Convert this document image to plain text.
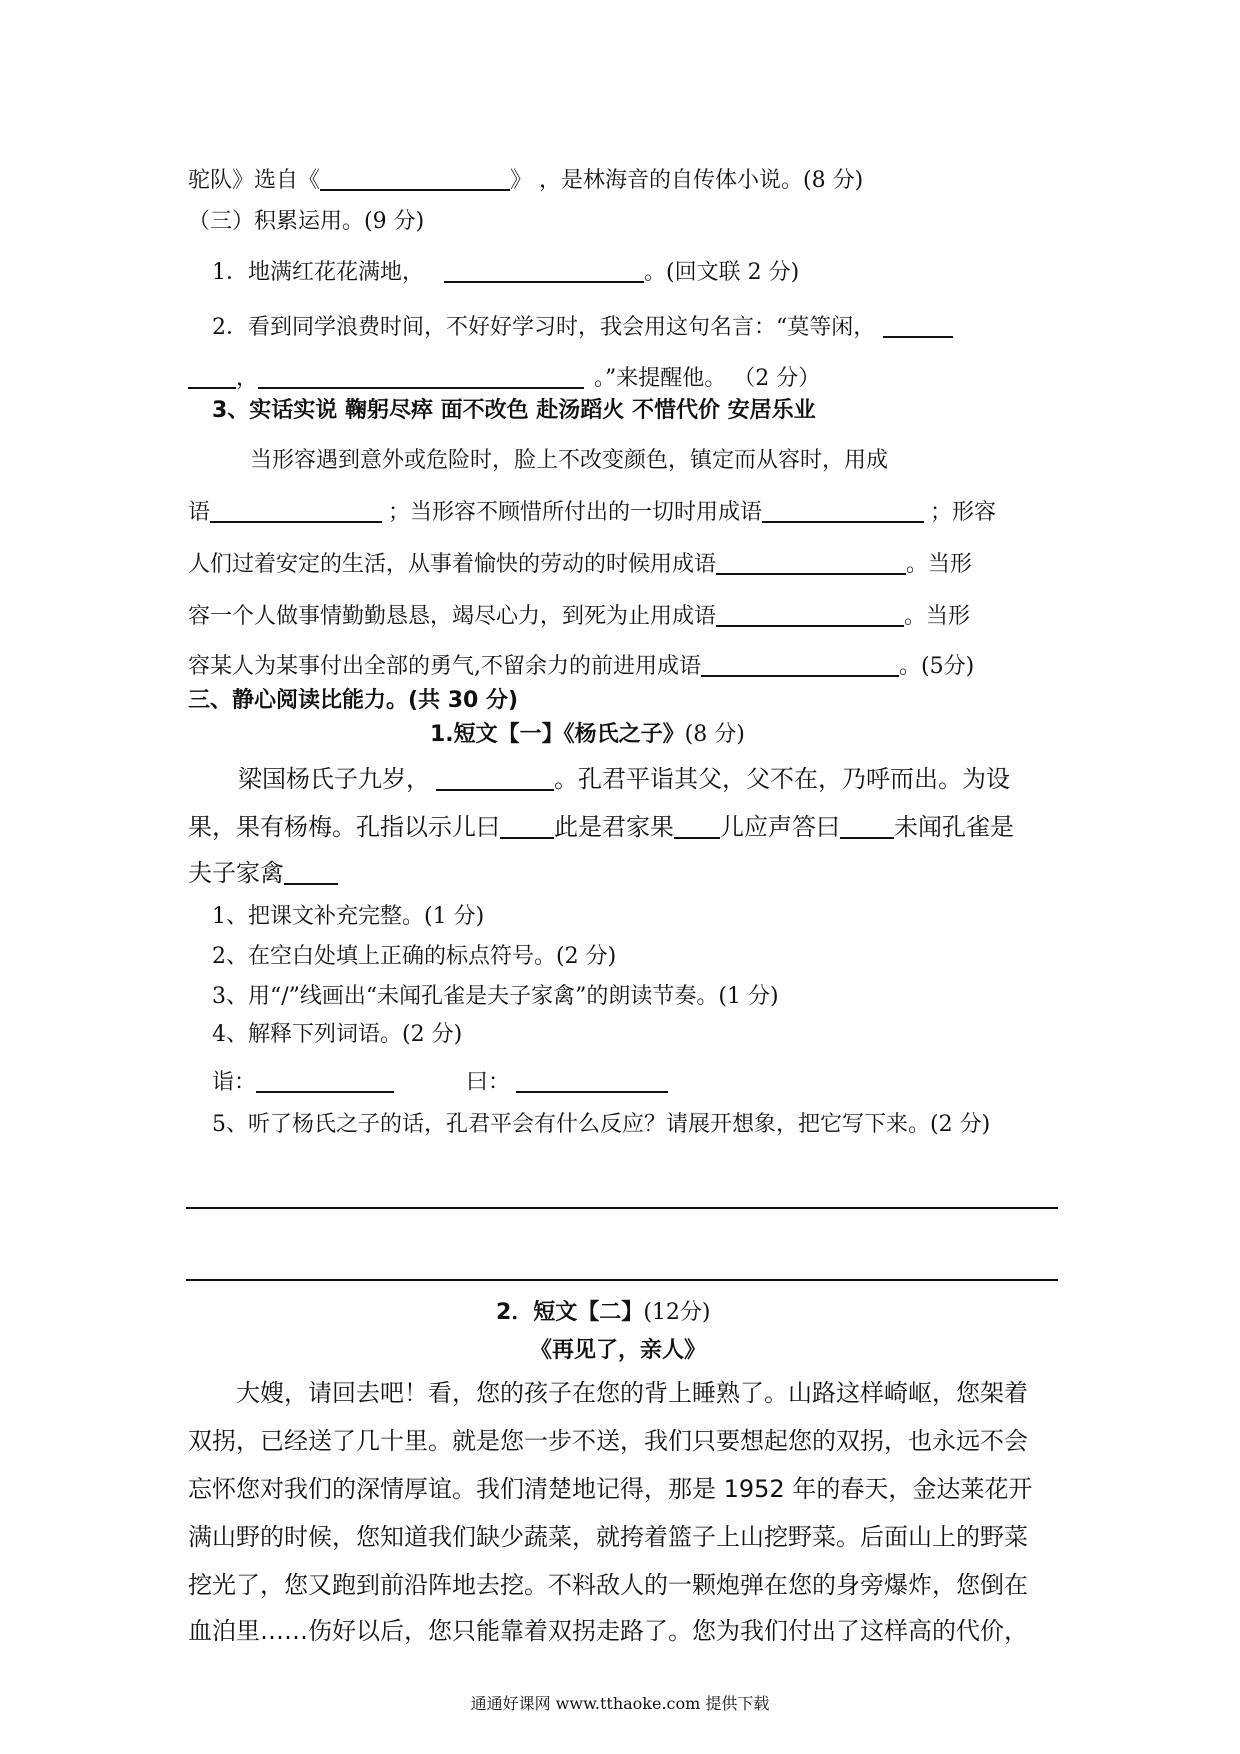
驼队》选自《	》 ，是林海音的自传体小说。(8 分)
（三）积累运用。(9 分)
1．地满红花花满地，	。(回文联 2 分)
2．看到同学浪费时间，不好好学习时，我会用这句名言：“莫等闲，
，	。”来提醒他。 （2 分）
3、实话实说 鞠躬尽瘁 面不改色 赴汤蹈火 不惜代价 安居乐业
当形容遇到意外或危险时，脸上不改变颜色，镇定而从容时，用成
语	；当形容不顾惜所付出的一切时用成语	；形容
人们过着安定的生活，从事着愉快的劳动的时候用成语	。当形
容一个人做事情勤勤恳恳，竭尽心力，到死为止用成语	。当形
容某人为某事付出全部的勇气,不留余力的前进用成语	。(5分)
三、静心阅读比能力。(共 30 分)
1.短文【一】《杨氏之子》(8 分)
梁国杨氏子九岁，	。孔君平诣其父，父不在，乃呼而出。为设
果，果有杨梅。孔指以示儿曰 此是君家果 儿应声答曰 未闻孔雀是
夫子家禽
1、把课文补充完整。(1 分)
2、在空白处填上正确的标点符号。(2 分)
3、用“/”线画出“未闻孔雀是夫子家禽”的朗读节奏。(1 分)
4、解释下列词语。(2 分)
诣：	曰：
5、听了杨氏之子的话，孔君平会有什么反应？请展开想象，把它写下来。(2 分)
2．短文【二】(12分)
《再见了，亲人》
大嫂，请回去吧！看，您的孩子在您的背上睡熟了。山路这样崎岖，您架着
双拐，已经送了几十里。就是您一步不送，我们只要想起您的双拐，也永远不会
忘怀您对我们的深情厚谊。我们清楚地记得，那是 1952 年的春天，金达莱花开
满山野的时候，您知道我们缺少蔬菜，就挎着篮子上山挖野菜。后面山上的野菜
挖光了，您又跑到前沿阵地去挖。不料敌人的一颗炮弹在您的身旁爆炸，您倒在
血泊里……伤好以后，您只能靠着双拐走路了。您为我们付出了这样高的代价，
通通好课网 www.tthaoke.com 提供下载
